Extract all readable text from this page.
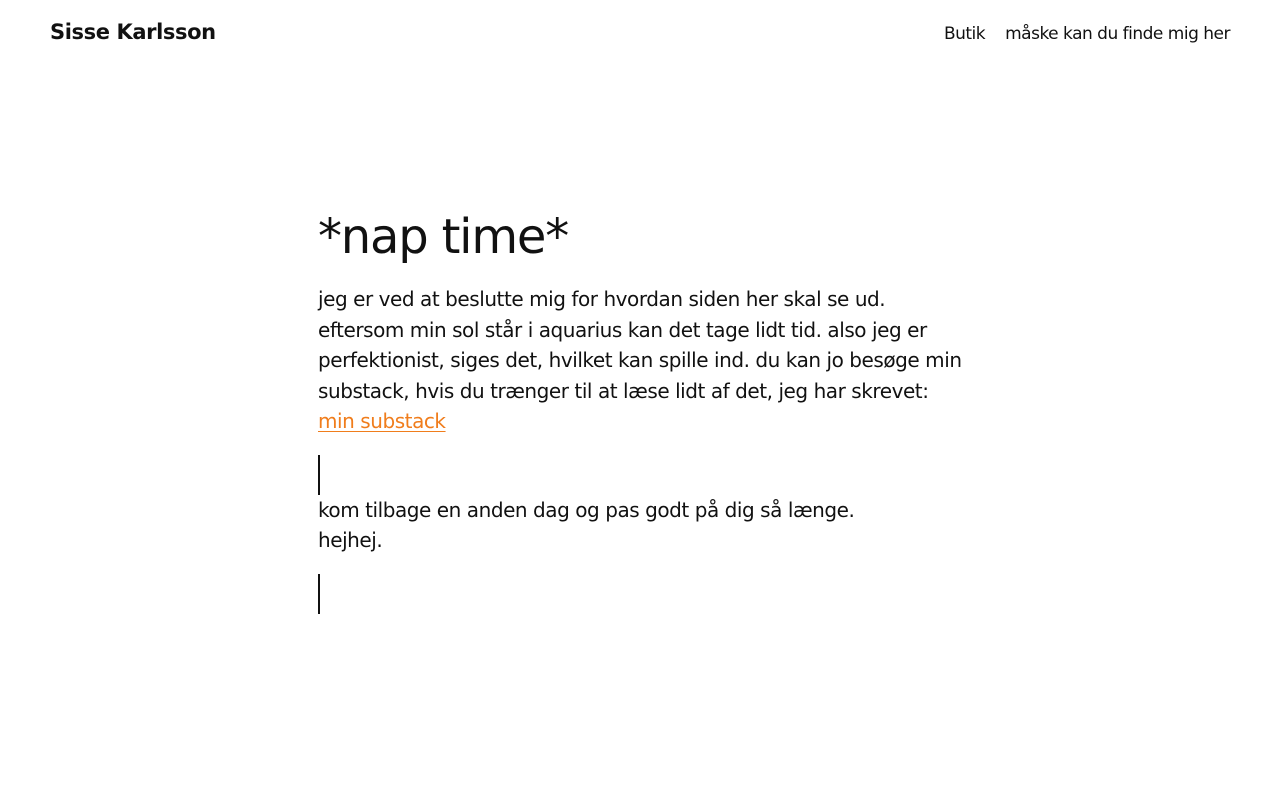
Sisse Karlsson	Butik måske kan du finde mig her
*nap time*

jeg er ved at beslutte mig for hvordan siden her skal se ud. eftersom min sol står i aquarius kan det tage lidt tid. also jeg er perfektionist, siges det, hvilket kan spille ind. du kan jo besøge min substack, hvis du trænger til at læse lidt af det, jeg har skrevet: min substack

kom tilbage en anden dag og pas godt på dig så længe.

hejhej.
